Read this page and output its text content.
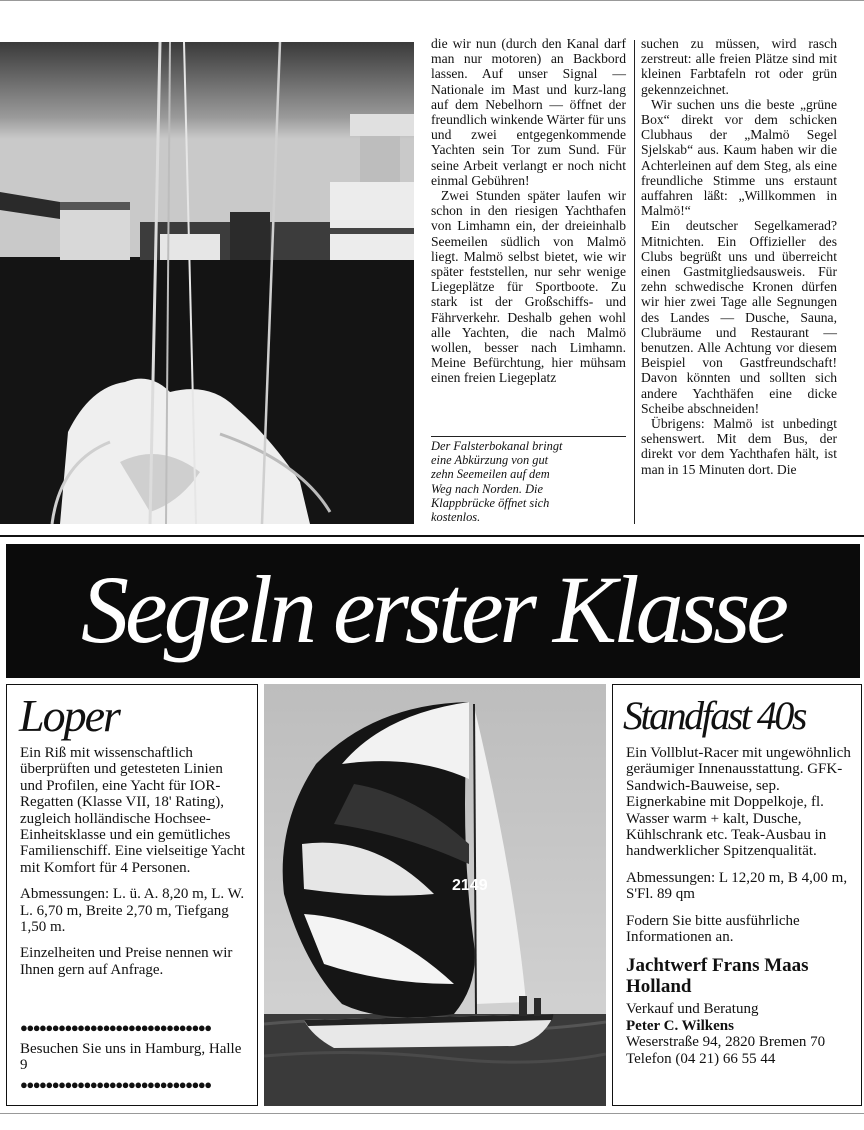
die wir nun (durch den Kanal darf man nur motoren) an Backbord lassen. Auf unser Signal — Nationale im Mast und kurz-lang auf dem Nebelhorn — öffnet der freundlich winkende Wärter für uns und zwei entgegenkommende Yachten sein Tor zum Sund. Für seine Arbeit verlangt er noch nicht einmal Gebühren!

Zwei Stunden später laufen wir schon in den riesigen Yachthafen von Limhamn ein, der dreieinhalb Seemeilen südlich von Malmö liegt. Malmö selbst bietet, wie wir später feststellen, nur sehr wenige Liegeplätze für Sportboote. Zu stark ist der Großschiffs- und Fährverkehr. Deshalb gehen wohl alle Yachten, die nach Malmö wollen, besser nach Limhamn. Meine Befürchtung, hier mühsam einen freien Liegeplatz

Der Falsterbokanal bringt
eine Abkürzung von gut
zehn Seemeilen auf dem
Weg nach Norden. Die
Klappbrücke öffnet sich
kostenlos.

suchen zu müssen, wird rasch zerstreut: alle freien Plätze sind mit kleinen Farbtafeln rot oder grün gekennzeichnet.

Wir suchen uns die beste „grüne Box“ direkt vor dem schicken Clubhaus der „Malmö Segel Sjelskab“ aus. Kaum haben wir die Achterleinen auf dem Steg, als eine freundliche Stimme uns erstaunt auffahren läßt: „Willkommen in Malmö!“

Ein deutscher Segelkamerad? Mitnichten. Ein Offizieller des Clubs begrüßt uns und überreicht einen Gastmitgliedsausweis. Für zehn schwedische Kronen dürfen wir hier zwei Tage alle Segnungen des Landes — Dusche, Sauna, Clubräume und Restaurant — benutzen. Alle Achtung vor diesem Beispiel von Gastfreundschaft! Davon könnten und sollten sich andere Yachthäfen eine dicke Scheibe abschneiden!

Übrigens: Malmö ist unbedingt sehenswert. Mit dem Bus, der direkt vor dem Yachthafen hält, ist man in 15 Minuten dort. Die

Segeln erster Klasse
Loper

Ein Riß mit wissenschaftlich überprüften und getesteten Linien und Profilen, eine Yacht für IOR-Regatten (Klasse VII, 18' Rating), zugleich holländische Hochsee-Einheitsklasse und ein gemütliches Familienschiff. Eine vielseitige Yacht mit Komfort für 4 Personen.

Abmessungen: L. ü. A. 8,20 m, L. W. L. 6,70 m, Breite 2,70 m, Tiefgang 1,50 m.

Einzelheiten und Preise nennen wir Ihnen gern auf Anfrage.

●●●●●●●●●●●●●●●●●●●●●●●●●●●●●●
Besuchen Sie uns in Hamburg, Halle 9
●●●●●●●●●●●●●●●●●●●●●●●●●●●●●●
2149
Standfast 40s

Ein Vollblut-Racer mit ungewöhnlich geräumiger Innenausstattung. GFK-Sandwich-Bauweise, sep. Eignerkabine mit Doppelkoje, fl. Wasser warm + kalt, Dusche, Kühlschrank etc. Teak-Ausbau in handwerklicher Spitzenqualität.

Abmessungen: L 12,20 m, B 4,00 m, S'Fl. 89 qm

Fodern Sie bitte ausführliche Informationen an.

Jachtwerf Frans Maas Holland
Verkauf und Beratung
Peter C. Wilkens
Weserstraße 94, 2820 Bremen 70
Telefon (04 21) 66 55 44
